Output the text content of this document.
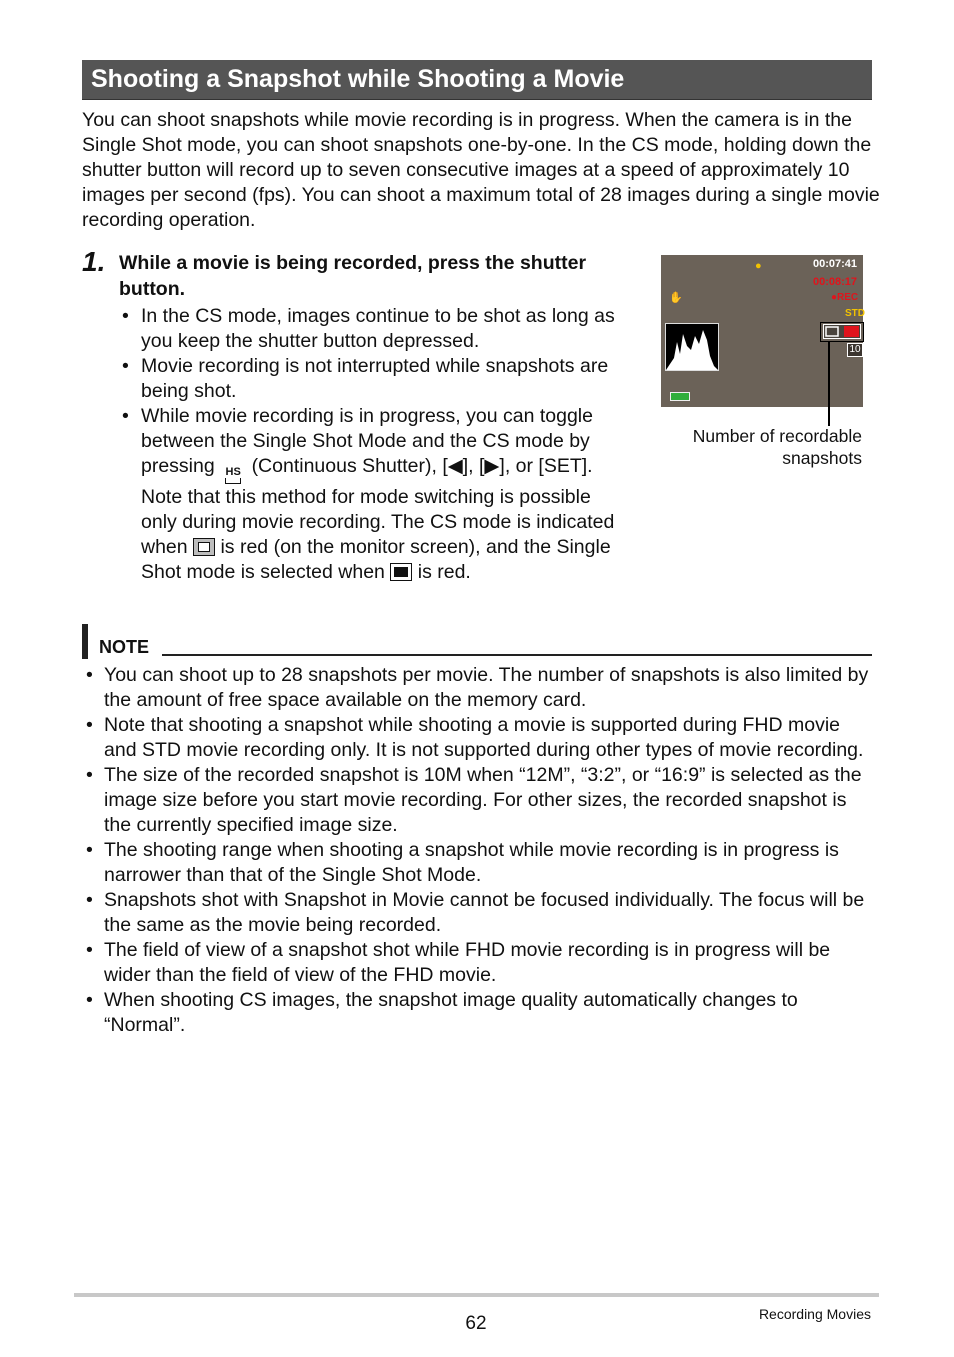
Shooting a Snapshot while Shooting a Movie

You can shoot snapshots while movie recording is in progress. When the camera is in the Single Shot mode, you can shoot snapshots one-by-one. In the CS mode, holding down the shutter button will record up to seven consecutive images at a speed of approximately 10 images per second (fps). You can shoot a maximum total of 28 images during a single movie recording operation.

1. While a movie is being recorded, press the shutter button.

• In the CS mode, images continue to be shot as long as you keep the shutter button depressed.
• Movie recording is not interrupted while snapshots are being shot.
• While movie recording is in progress, you can toggle between the Single Shot Mode and the CS mode by pressing HS (Continuous Shutter), [◀], [▶], or [SET]. Note that this method for mode switching is possible only during movie recording. The CS mode is indicated when is red (on the monitor screen), and the Single Shot mode is selected when is red.
●	00:07:41
00:08:17
●REC
STD
✋
10

Number of recordable snapshots

NOTE
• You can shoot up to 28 snapshots per movie. The number of snapshots is also limited by the amount of free space available on the memory card.
• Note that shooting a snapshot while shooting a movie is supported during FHD movie and STD movie recording only. It is not supported during other types of movie recording.
• The size of the recorded snapshot is 10M when “12M”, “3:2”, or “16:9” is selected as the image size before you start movie recording. For other sizes, the recorded snapshot is the currently specified image size.
• The shooting range when shooting a snapshot while movie recording is in progress is narrower than that of the Single Shot Mode.
• Snapshots shot with Snapshot in Movie cannot be focused individually. The focus will be the same as the movie being recorded.
• The field of view of a snapshot shot while FHD movie recording is in progress will be wider than the field of view of the FHD movie.
• When shooting CS images, the snapshot image quality automatically changes to “Normal”.
62	Recording Movies
